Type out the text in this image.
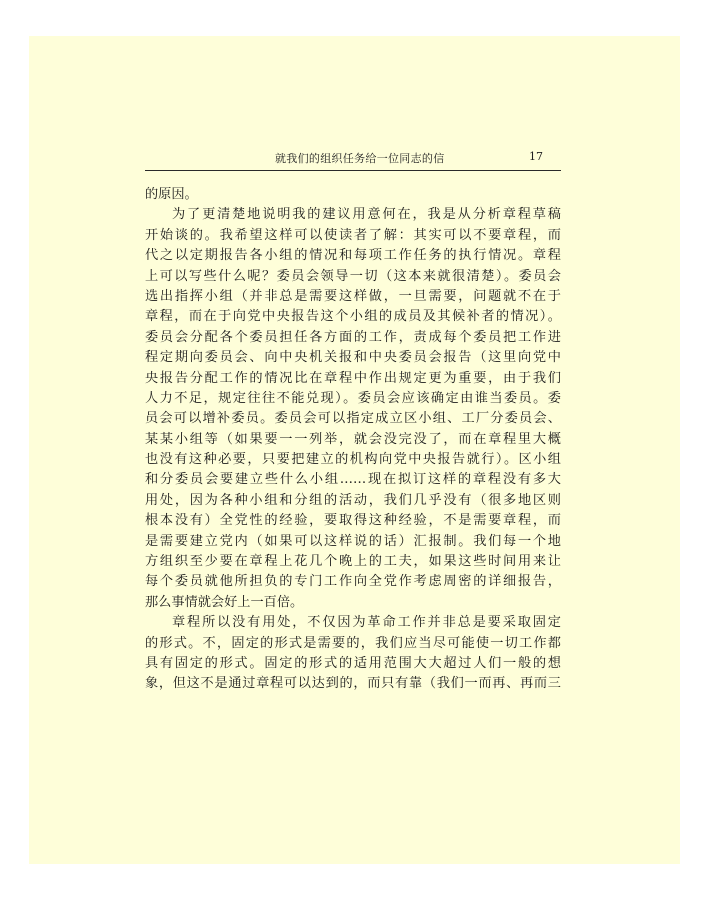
就我们的组织任务给一位同志的信	17
的原因。
为了更清楚地说明我的建议用意何在，我是从分析章程草稿
开始谈的。我希望这样可以使读者了解：其实可以不要章程，而
代之以定期报告各小组的情况和每项工作任务的执行情况。章程
上可以写些什么呢？委员会领导一切（这本来就很清楚）。委员会
选出指挥小组（并非总是需要这样做，一旦需要，问题就不在于
章程，而在于向党中央报告这个小组的成员及其候补者的情况）。
委员会分配各个委员担任各方面的工作，责成每个委员把工作进
程定期向委员会、向中央机关报和中央委员会报告（这里向党中
央报告分配工作的情况比在章程中作出规定更为重要，由于我们
人力不足，规定往往不能兑现）。委员会应该确定由谁当委员。委
员会可以增补委员。委员会可以指定成立区小组、工厂分委员会、
某某小组等（如果要一一列举，就会没完没了，而在章程里大概
也没有这种必要，只要把建立的机构向党中央报告就行）。区小组
和分委员会要建立些什么小组……现在拟订这样的章程没有多大
用处，因为各种小组和分组的活动，我们几乎没有（很多地区则
根本没有）全党性的经验，要取得这种经验，不是需要章程，而
是需要建立党内（如果可以这样说的话）汇报制。我们每一个地
方组织至少要在章程上花几个晚上的工夫，如果这些时间用来让
每个委员就他所担负的专门工作向全党作考虑周密的详细报告，
那么事情就会好上一百倍。
章程所以没有用处，不仅因为革命工作并非总是要采取固定
的形式。不，固定的形式是需要的，我们应当尽可能使一切工作都
具有固定的形式。固定的形式的适用范围大大超过人们一般的想
象，但这不是通过章程可以达到的，而只有靠（我们一而再、再而三
